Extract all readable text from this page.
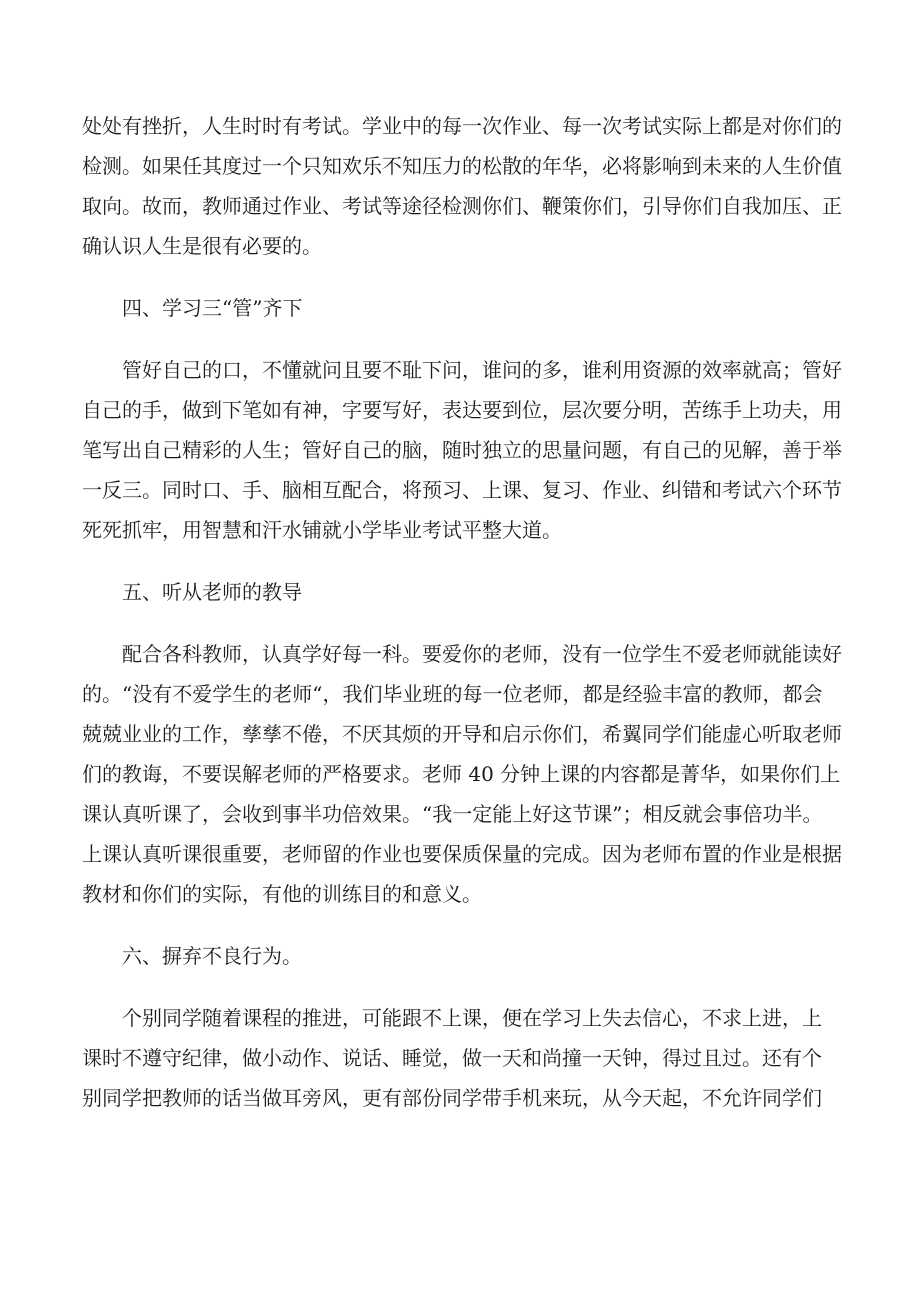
处处有挫折，人生时时有考试。学业中的每一次作业、每一次考试实际上都是对你们的
检测。如果任其度过一个只知欢乐不知压力的松散的年华，必将影响到未来的人生价值
取向。故而，教师通过作业、考试等途径检测你们、鞭策你们，引导你们自我加压、正
确认识人生是很有必要的。
四、学习三“管”齐下
管好自己的口，不懂就问且要不耻下问，谁问的多，谁利用资源的效率就高；管好
自己的手，做到下笔如有神，字要写好，表达要到位，层次要分明，苦练手上功夫，用
笔写出自己精彩的人生；管好自己的脑，随时独立的思量问题，有自己的见解，善于举
一反三。同时口、手、脑相互配合，将预习、上课、复习、作业、纠错和考试六个环节
死死抓牢，用智慧和汗水铺就小学毕业考试平整大道。
五、听从老师的教导
配合各科教师，认真学好每一科。要爱你的老师，没有一位学生不爱老师就能读好
的。“没有不爱学生的老师“，我们毕业班的每一位老师，都是经验丰富的教师，都会
兢兢业业的工作，孳孳不倦，不厌其烦的开导和启示你们，希翼同学们能虚心听取老师
们的教诲，不要误解老师的严格要求。老师 40 分钟上课的内容都是菁华，如果你们上
课认真听课了，会收到事半功倍效果。“我一定能上好这节课”；相反就会事倍功半。
上课认真听课很重要，老师留的作业也要保质保量的完成。因为老师布置的作业是根据
教材和你们的实际，有他的训练目的和意义。
六、摒弃不良行为。
个别同学随着课程的推进，可能跟不上课，便在学习上失去信心，不求上进，上
课时不遵守纪律，做小动作、说话、睡觉，做一天和尚撞一天钟，得过且过。还有个
别同学把教师的话当做耳旁风，更有部份同学带手机来玩，从今天起，不允许同学们
